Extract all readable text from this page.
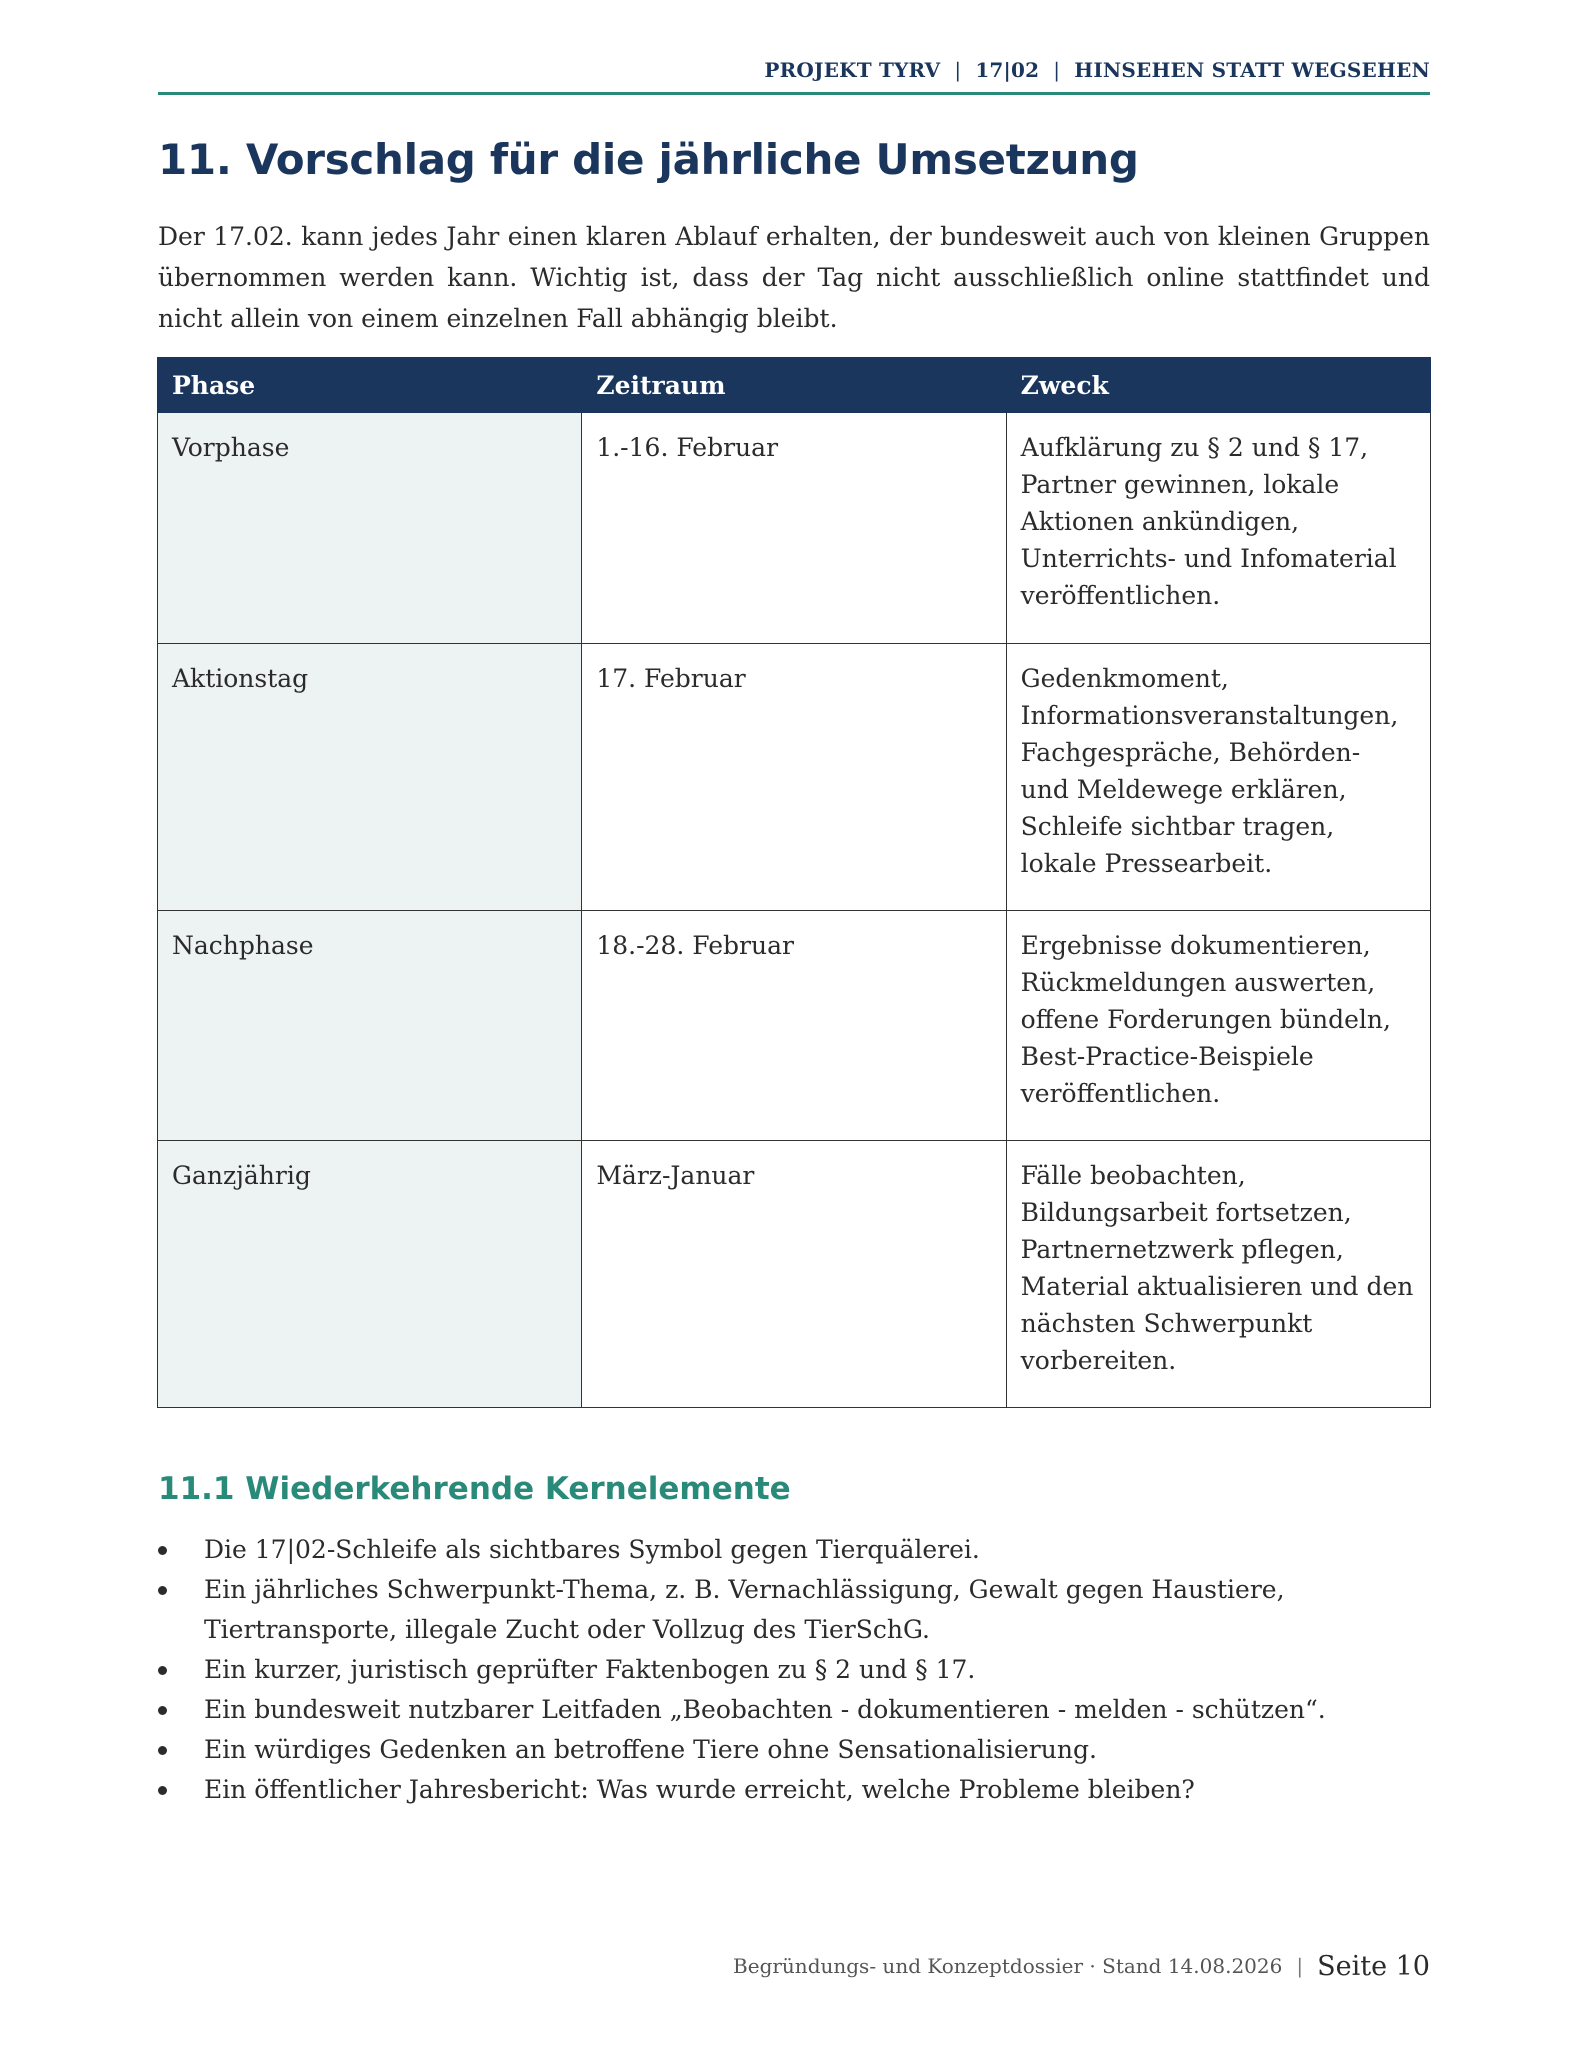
PROJEKT TYRV | 17|02 | HINSEHEN STATT WEGSEHEN
11. Vorschlag für die jährliche Umsetzung

Der 17.02. kann jedes Jahr einen klaren Ablauf erhalten, der bundesweit auch von kleinen Gruppen übernommen werden kann. Wichtig ist, dass der Tag nicht ausschließlich online stattfindet und nicht allein von einem einzelnen Fall abhängig bleibt.

Phase	Zeitraum	Zweck
Vorphase	1.-16. Februar	Aufklärung zu § 2 und § 17, Partner gewinnen, lokale Aktionen ankündigen, Unterrichts- und Infomaterial veröffentlichen.
Aktionstag	17. Februar	Gedenkmoment, Informationsveranstaltungen, Fachgespräche, Behörden- und Meldewege erklären, Schleife sichtbar tragen, lokale Pressearbeit.
Nachphase	18.-28. Februar	Ergebnisse dokumentieren, Rückmeldungen auswerten, offene Forderungen bündeln, Best-Practice-Beispiele veröffentlichen.
Ganzjährig	März-Januar	Fälle beobachten, Bildungsarbeit fortsetzen, Partnernetzwerk pflegen, Material aktualisieren und den nächsten Schwerpunkt vorbereiten.
11.1 Wiederkehrende Kernelemente
Die 17|02-Schleife als sichtbares Symbol gegen Tierquälerei.
Ein jährliches Schwerpunkt-Thema, z. B. Vernachlässigung, Gewalt gegen Haustiere, Tiertransporte, illegale Zucht oder Vollzug des TierSchG.
Ein kurzer, juristisch geprüfter Faktenbogen zu § 2 und § 17.
Ein bundesweit nutzbarer Leitfaden „Beobachten - dokumentieren - melden - schützen“.
Ein würdiges Gedenken an betroffene Tiere ohne Sensationalisierung.
Ein öffentlicher Jahresbericht: Was wurde erreicht, welche Probleme bleiben?
Begründungs- und Konzeptdossier · Stand 14.08.2026 | Seite 10
